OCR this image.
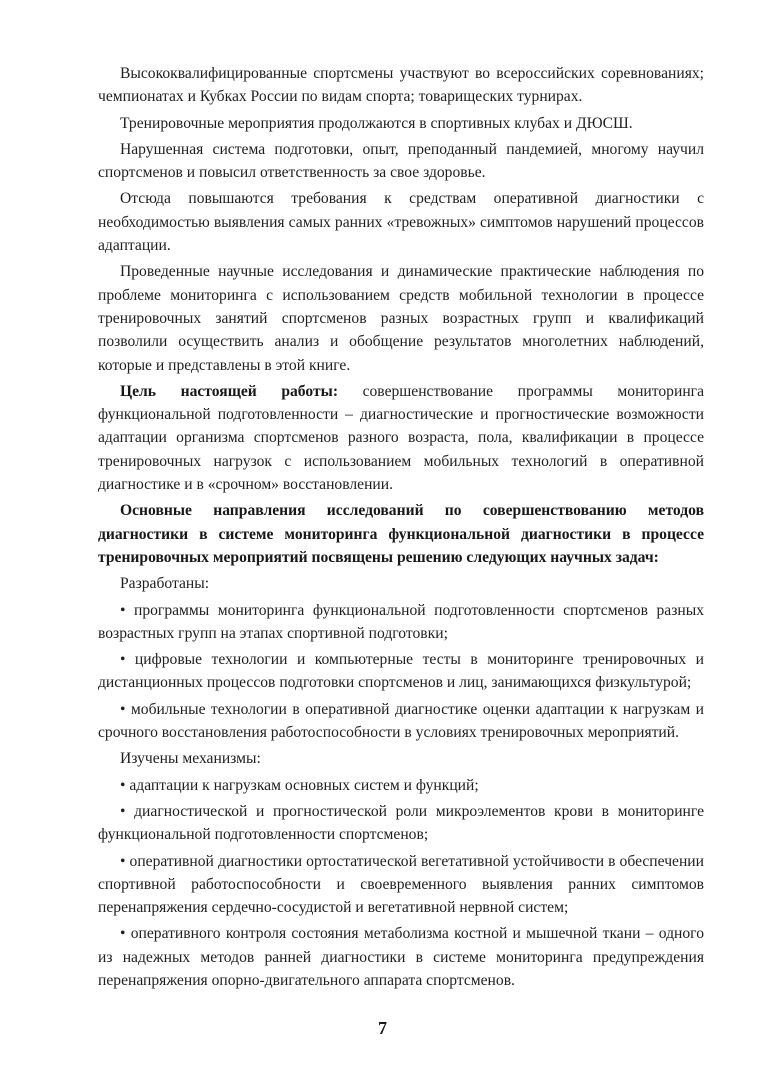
Высококвалифицированные спортсмены участвуют во всероссийских соревнованиях; чемпионатах и Кубках России по видам спорта; товарищеских турнирах.

Тренировочные мероприятия продолжаются в спортивных клубах и ДЮСШ.

Нарушенная система подготовки, опыт, преподанный пандемией, многому научил спортсменов и повысил ответственность за свое здоровье.

Отсюда повышаются требования к средствам оперативной диагностики с необходимостью выявления самых ранних «тревожных» симптомов нарушений процессов адаптации.

Проведенные научные исследования и динамические практические наблюдения по проблеме мониторинга с использованием средств мобильной технологии в процессе тренировочных занятий спортсменов разных возрастных групп и квалификаций позволили осуществить анализ и обобщение результатов многолетних наблюдений, которые и представлены в этой книге.

Цель настоящей работы: совершенствование программы мониторинга функциональной подготовленности – диагностические и прогностические возможности адаптации организма спортсменов разного возраста, пола, квалификации в процессе тренировочных нагрузок с использованием мобильных технологий в оперативной диагностике и в «срочном» восстановлении.

Основные направления исследований по совершенствованию методов диагностики в системе мониторинга функциональной диагностики в процессе тренировочных мероприятий посвящены решению следующих научных задач:

Разработаны:

• программы мониторинга функциональной подготовленности спортсменов разных возрастных групп на этапах спортивной подготовки;

• цифровые технологии и компьютерные тесты в мониторинге тренировочных и дистанционных процессов подготовки спортсменов и лиц, занимающихся физкультурой;

• мобильные технологии в оперативной диагностике оценки адаптации к нагрузкам и срочного восстановления работоспособности в условиях тренировочных мероприятий.

Изучены механизмы:

• адаптации к нагрузкам основных систем и функций;

• диагностической и прогностической роли микроэлементов крови в мониторинге функциональной подготовленности спортсменов;

• оперативной диагностики ортостатической вегетативной устойчивости в обеспечении спортивной работоспособности и своевременного выявления ранних симптомов перенапряжения сердечно-сосудистой и вегетативной нервной систем;

• оперативного контроля состояния метаболизма костной и мышечной ткани – одного из надежных методов ранней диагностики в системе мониторинга предупреждения перенапряжения опорно-двигательного аппарата спортсменов.

7
